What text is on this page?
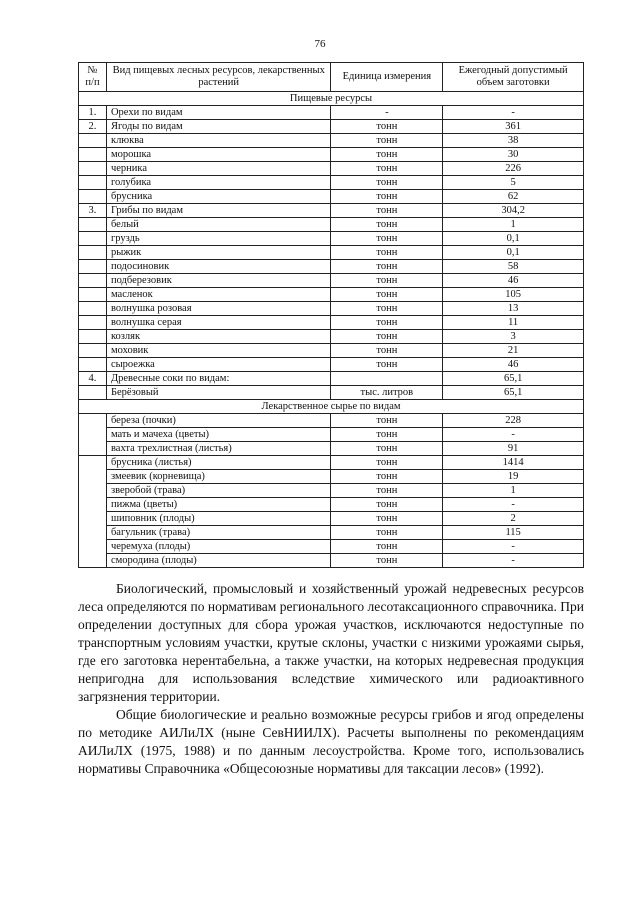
76
№ п/п	Вид пищевых лесных ресурсов, лекарственных растений	Единица измерения	Ежегодный допустимый объем заготовки
Пищевые ресурсы			
1.	Орехи по видам	-	-
2.	Ягоды по видам	тонн	361
	клюква	тонн	38
	морошка	тонн	30
	черника	тонн	226
	голубика	тонн	5
	брусника	тонн	62
3.	Грибы по видам	тонн	304,2
	белый	тонн	1
	груздь	тонн	0,1
	рыжик	тонн	0,1
	подосиновик	тонн	58
	подберезовик	тонн	46
	масленок	тонн	105
	волнушка розовая	тонн	13
	волнушка серая	тонн	11
	козляк	тонн	3
	моховик	тонн	21
	сыроежка	тонн	46
4.	Древесные соки по видам:		65,1
	Берёзовый	тыс. литров	65,1
Лекарственное сырье по видам			
	береза (почки)	тонн	228
	мать и мачеха (цветы)	тонн	-
	вахта трехлистная (листья)	тонн	91
	брусника (листья)	тонн	1414
	змеевик (корневища)	тонн	19
	зверобой (трава)	тонн	1
	пижма (цветы)	тонн	-
	шиповник (плоды)	тонн	2
	багульник (трава)	тонн	115
	черемуха (плоды)	тонн	-
	смородина (плоды)	тонн	-

Биологический, промысловый и хозяйственный урожай недревесных ресурсов леса определяются по нормативам регионального лесотаксационного справочника. При определении доступных для сбора урожая участков, исключаются недоступные по транспортным условиям участки, крутые склоны, участки с низкими урожаями сырья, где его заготовка нерентабельна, а также участки, на которых недревесная продукция непригодна для использования вследствие химического или радиоактивного загрязнения территории.

Общие биологические и реально возможные ресурсы грибов и ягод определены по методике АИЛиЛХ (ныне СевНИИЛХ). Расчеты выполнены по рекомендациям АИЛиЛХ (1975, 1988) и по данным лесоустройства. Кроме того, использовались нормативы Справочника «Общесоюзные нормативы для таксации лесов» (1992).
